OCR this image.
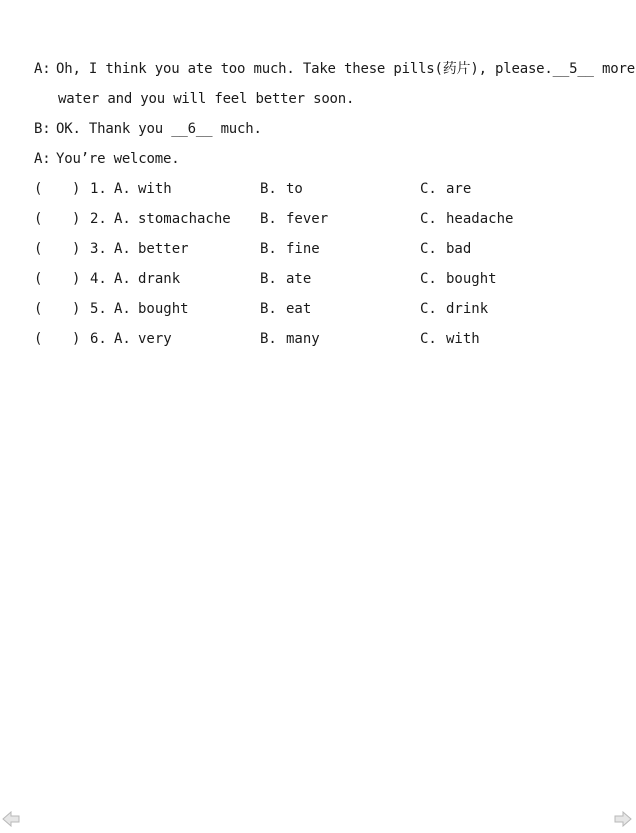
A: Oh, I think you ate too much. Take these pills(药片), please.__5__ more
water and you will feel better soon.
B: OK. Thank you __6__ much.
A: You’re welcome.
( ) 1. A. with	B. to	C. are
( ) 2. A. stomachache B. fever	C. headache
( ) 3. A. better	B. fine	C. bad
( ) 4. A. drank	B. ate	C. bought
( ) 5. A. bought	B. eat	C. drink
( ) 6. A. very	B. many	C. with
